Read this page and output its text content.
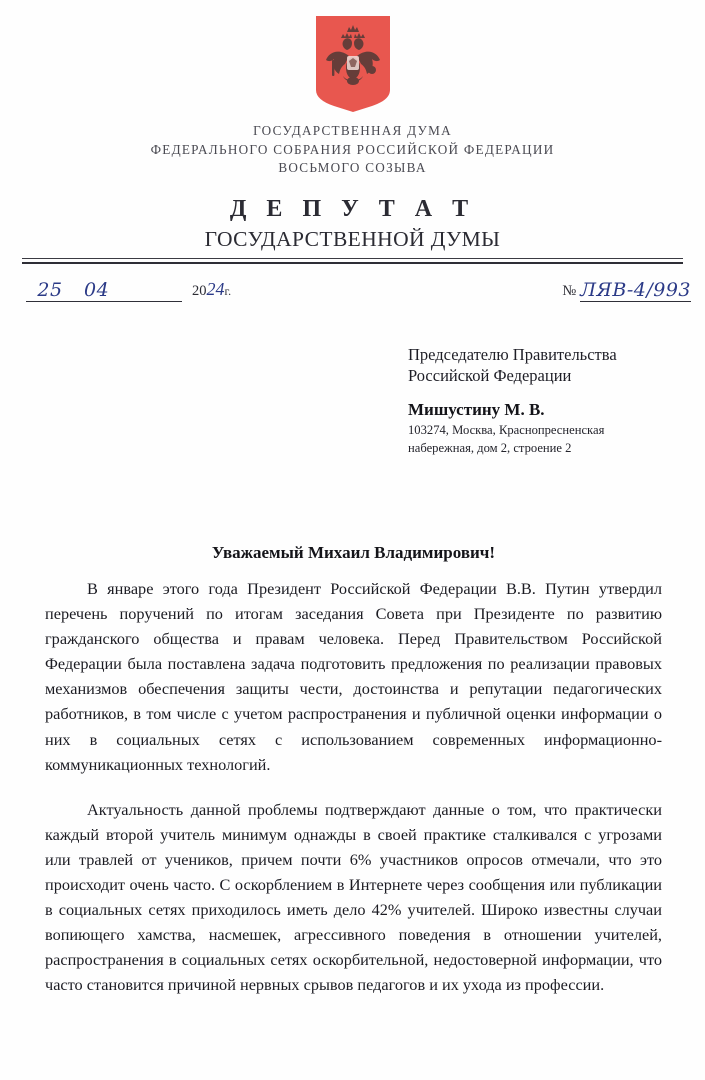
ГОСУДАРСТВЕННАЯ ДУМА
ФЕДЕРАЛЬНОГО СОБРАНИЯ РОССИЙСКОЙ ФЕДЕРАЦИИ
ВОСЬМОГО СОЗЫВА
Д Е П У Т А Т
ГОСУДАРСТВЕННОЙ ДУМЫ
25	04	2024г.	№ ЛЯВ-4/993
Председателю Правительства
Российской Федерации
Мишустину М. В.
103274, Москва, Краснопресненская
набережная, дом 2, строение 2
Уважаемый Михаил Владимирович!

В январе этого года Президент Российской Федерации В.В. Путин утвердил перечень поручений по итогам заседания Совета при Президенте по развитию гражданского общества и правам человека. Перед Правительством Российской Федерации была поставлена задача подготовить предложения по реализации правовых механизмов обеспечения защиты чести, достоинства и репутации педагогических работников, в том числе с учетом распространения и публичной оценки информации о них в социальных сетях с использованием современных информационно-коммуникационных технологий.

Актуальность данной проблемы подтверждают данные о том, что практически каждый второй учитель минимум однажды в своей практике сталкивался с угрозами или травлей от учеников, причем почти 6% участников опросов отмечали, что это происходит очень часто. С оскорблением в Интернете через сообщения или публикации в социальных сетях приходилось иметь дело 42% учителей. Широко известны случаи вопиющего хамства, насмешек, агрессивного поведения в отношении учителей, распространения в социальных сетях оскорбительной, недостоверной информации, что часто становится причиной нервных срывов педагогов и их ухода из профессии.
